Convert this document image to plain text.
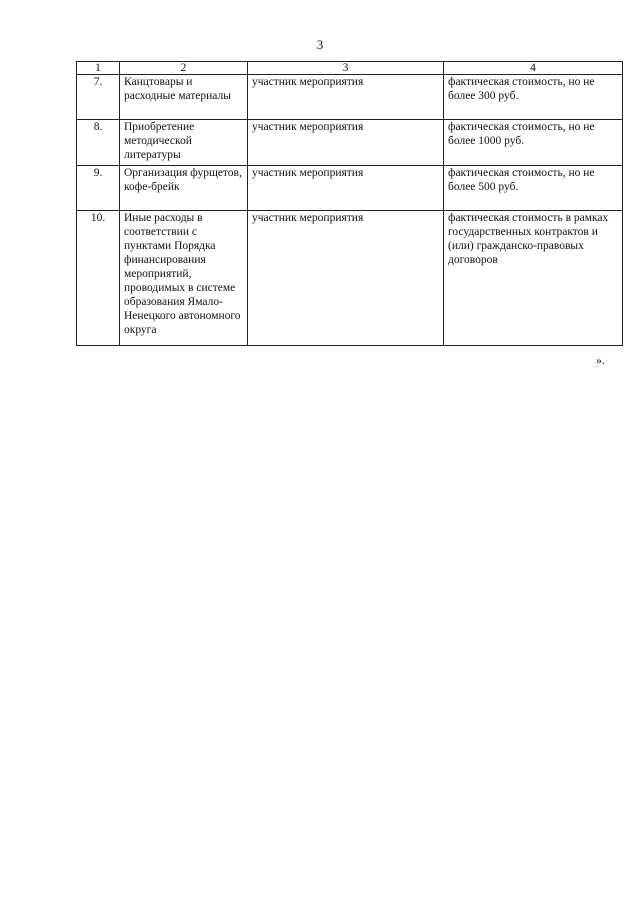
3
1	2	3	4
7.	Канцтовары и расходные материалы	участник мероприятия	фактическая стоимость, но не более 300 руб.
8.	Приобретение методической литературы	участник мероприятия	фактическая стоимость, но не более 1000 руб.
9.	Организация фурщетов, кофе-брейк	участник мероприятия	фактическая стоимость, но не более 500 руб.
10.	Иные расходы в соответствии с пунктами Порядка финансирования мероприятий, проводимых в системе образования Ямало-Ненецкого автономного округа	участник мероприятия	фактическая стоимость в рамках государственных контрактов и (или) гражданско-правовых договоров
».
